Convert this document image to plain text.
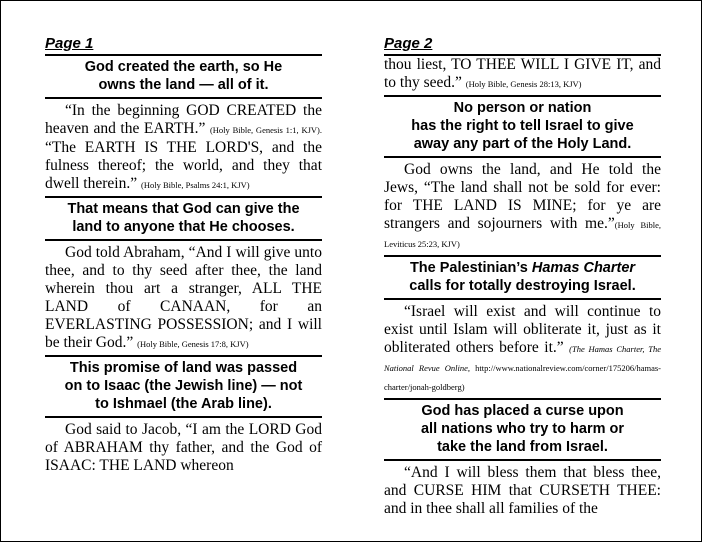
Page 1
God created the earth, so He
owns the land — all of it.

“In the beginning GOD CREATED the heaven and the EARTH.” (Holy Bible, Genesis 1:1, KJV). “The EARTH IS THE LORD'S, and the fulness thereof; the world, and they that dwell therein.” (Holy Bible, Psalms 24:1, KJV)

That means that God can give the
land to anyone that He chooses.

God told Abraham, “And I will give unto thee, and to thy seed after thee, the land wherein thou art a stranger, ALL THE LAND of CANAAN, for an EVERLASTING POSSESSION; and I will be their God.” (Holy Bible, Genesis 17:8, KJV)

This promise of land was passed
on to Isaac (the Jewish line) — not
to Ishmael (the Arab line).

God said to Jacob, “I am the LORD God of ABRAHAM thy father, and the God of ISAAC: THE LAND whereon

Page 2

thou liest, TO THEE WILL I GIVE IT, and to thy seed.” (Holy Bible, Genesis 28:13, KJV)

No person or nation
has the right to tell Israel to give
away any part of the Holy Land.

God owns the land, and He told the Jews, “The land shall not be sold for ever: for THE LAND IS MINE; for ye are strangers and sojourners with me.”(Holy Bible, Leviticus 25:23, KJV)

The Palestinian’s Hamas Charter
calls for totally destroying Israel.

“Israel will exist and will continue to exist until Islam will obliterate it, just as it obliterated others before it.” (The Hamas Charter, The National Revue Online, http://www.nationalreview.com/corner/175206/hamas-charter/jonah-goldberg)

God has placed a curse upon
all nations who try to harm or
take the land from Israel.

“And I will bless them that bless thee, and CURSE HIM that CURSETH THEE: and in thee shall all families of the
